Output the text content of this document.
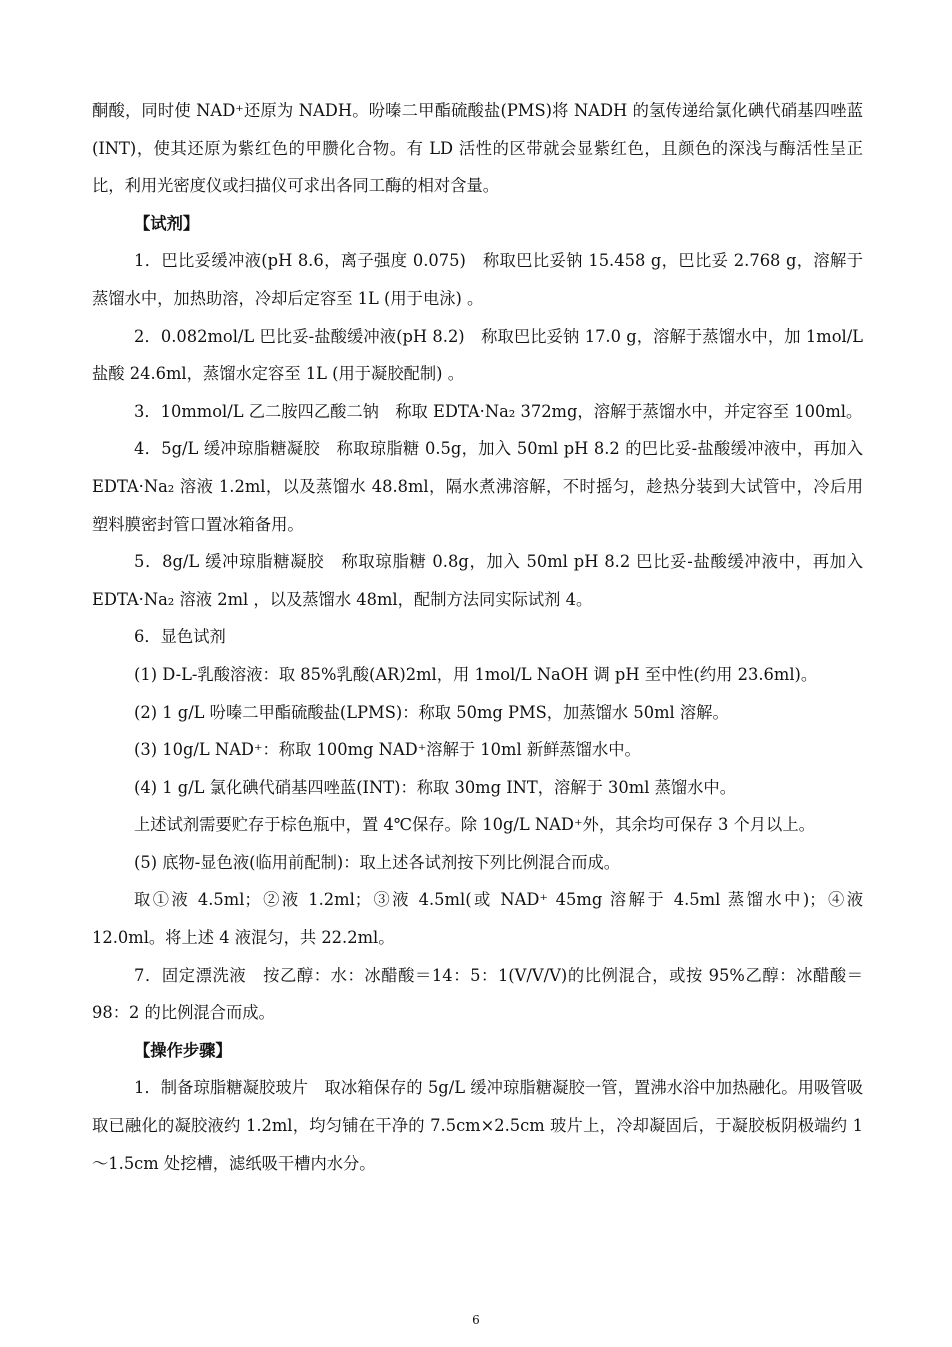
酮酸，同时使 NAD⁺还原为 NADH。吩嗪二甲酯硫酸盐(PMS)将 NADH 的氢传递给氯化碘代硝基四唑蓝(INT)，使其还原为紫红色的甲臜化合物。有 LD 活性的区带就会显紫红色，且颜色的深浅与酶活性呈正比，利用光密度仪或扫描仪可求出各同工酶的相对含量。

【试剂】

1．巴比妥缓冲液(pH 8.6，离子强度 0.075)　称取巴比妥钠 15.458 g，巴比妥 2.768 g，溶解于蒸馏水中，加热助溶，冷却后定容至 1L (用于电泳) 。

2．0.082mol/L 巴比妥-盐酸缓冲液(pH 8.2)　称取巴比妥钠 17.0 g，溶解于蒸馏水中，加 1mol/L　盐酸 24.6ml，蒸馏水定容至 1L (用于凝胶配制) 。

3．10mmol/L 乙二胺四乙酸二钠　称取 EDTA·Na₂ 372mg，溶解于蒸馏水中，并定容至 100ml。

4．5g/L 缓冲琼脂糖凝胶　称取琼脂糖 0.5g，加入 50ml pH 8.2 的巴比妥-盐酸缓冲液中，再加入 EDTA·Na₂ 溶液 1.2ml，以及蒸馏水 48.8ml，隔水煮沸溶解，不时摇匀，趁热分装到大试管中，冷后用塑料膜密封管口置冰箱备用。

5．8g/L 缓冲琼脂糖凝胶　称取琼脂糖 0.8g，加入 50ml pH 8.2 巴比妥-盐酸缓冲液中，再加入 EDTA·Na₂ 溶液 2ml ，以及蒸馏水 48ml，配制方法同实际试剂 4。

6．显色试剂

(1) D-L-乳酸溶液：取 85%乳酸(AR)2ml，用 1mol/L NaOH 调 pH 至中性(约用 23.6ml)。

(2) 1 g/L 吩嗪二甲酯硫酸盐(LPMS)：称取 50mg PMS，加蒸馏水 50ml 溶解。

(3) 10g/L NAD⁺：称取 100mg NAD⁺溶解于 10ml 新鲜蒸馏水中。

(4) 1 g/L 氯化碘代硝基四唑蓝(INT)：称取 30mg INT，溶解于 30ml 蒸馏水中。

上述试剂需要贮存于棕色瓶中，置 4℃保存。除 10g/L NAD⁺外，其余均可保存 3 个月以上。

(5) 底物-显色液(临用前配制)：取上述各试剂按下列比例混合而成。

取①液 4.5ml；②液 1.2ml；③液 4.5ml(或 NAD⁺ 45mg 溶解于 4.5ml 蒸馏水中)；④液 12.0ml。将上述 4 液混匀，共 22.2ml。

7．固定漂洗液　按乙醇：水：冰醋酸＝14：5：1(V/V/V)的比例混合，或按 95%乙醇：冰醋酸＝98：2 的比例混合而成。

【操作步骤】

1．制备琼脂糖凝胶玻片　取冰箱保存的 5g/L 缓冲琼脂糖凝胶一管，置沸水浴中加热融化。用吸管吸取已融化的凝胶液约 1.2ml，均匀铺在干净的 7.5cm×2.5cm 玻片上，冷却凝固后，于凝胶板阴极端约 1～1.5cm 处挖槽，滤纸吸干槽内水分。

6
